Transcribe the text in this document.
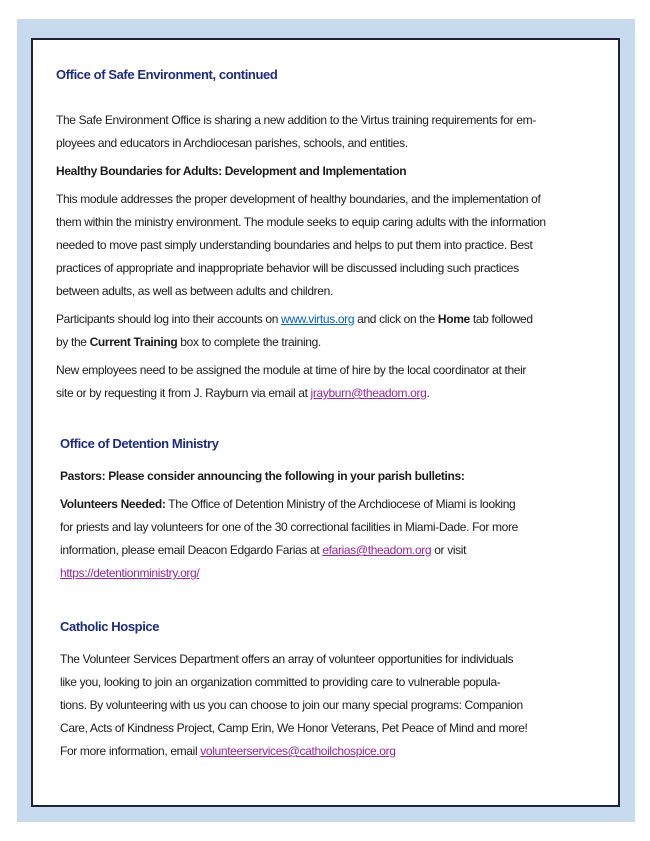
Office of Safe Environment, continued

The Safe Environment Office is sharing a new addition to the Virtus training requirements for em-
ployees and educators in Archdiocesan parishes, schools, and entities.

Healthy Boundaries for Adults: Development and Implementation

This module addresses the proper development of healthy boundaries, and the implementation of
them within the ministry environment. The module seeks to equip caring adults with the information
needed to move past simply understanding boundaries and helps to put them into practice. Best
practices of appropriate and inappropriate behavior will be discussed including such practices
between adults, as well as between adults and children.

Participants should log into their accounts on www.virtus.org and click on the Home tab followed
by the Current Training box to complete the training.

New employees need to be assigned the module at time of hire by the local coordinator at their
site or by requesting it from J. Rayburn via email at jrayburn@theadom.org.

Office of Detention Ministry

Pastors: Please consider announcing the following in your parish bulletins:

Volunteers Needed: The Office of Detention Ministry of the Archdiocese of Miami is looking
for priests and lay volunteers for one of the 30 correctional facilities in Miami-Dade. For more
information, please email Deacon Edgardo Farias at efarias@theadom.org or visit
https://detentionministry.org/

Catholic Hospice

The Volunteer Services Department offers an array of volunteer opportunities for individuals
like you, looking to join an organization committed to providing care to vulnerable popula-
tions. By volunteering with us you can choose to join our many special programs: Companion
Care, Acts of Kindness Project, Camp Erin, We Honor Veterans, Pet Peace of Mind and more!
For more information, email volunteerservices@cathoilchospice.org
